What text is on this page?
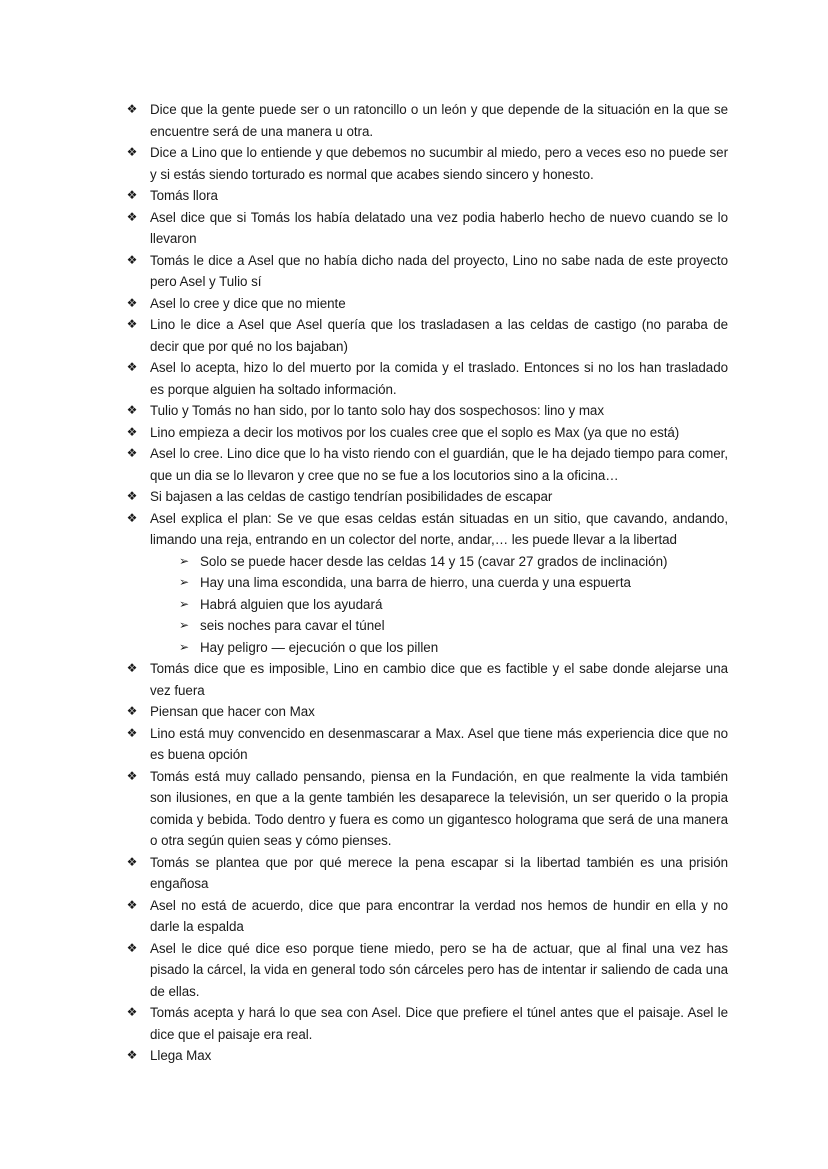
❖ Dice que la gente puede ser o un ratoncillo o un león y que depende de la situación en la que se encuentre será de una manera u otra.
❖ Dice a Lino que lo entiende y que debemos no sucumbir al miedo, pero a veces eso no puede ser y si estás siendo torturado es normal que acabes siendo sincero y honesto.
❖ Tomás llora
❖ Asel dice que si Tomás los había delatado una vez podia haberlo hecho de nuevo cuando se lo llevaron
❖ Tomás le dice a Asel que no había dicho nada del proyecto, Lino no sabe nada de este proyecto pero Asel y Tulio sí
❖ Asel lo cree y dice que no miente
❖ Lino le dice a Asel que Asel quería que los trasladasen a las celdas de castigo (no paraba de decir que por qué no los bajaban)
❖ Asel lo acepta, hizo lo del muerto por la comida y el traslado. Entonces si no los han trasladado es porque alguien ha soltado información.
❖ Tulio y Tomás no han sido, por lo tanto solo hay dos sospechosos: lino y max
❖ Lino empieza a decir los motivos por los cuales cree que el soplo es Max (ya que no está)
❖ Asel lo cree. Lino dice que lo ha visto riendo con el guardián, que le ha dejado tiempo para comer, que un dia se lo llevaron y cree que no se fue a los locutorios sino a la oficina…
❖ Si bajasen a las celdas de castigo tendrían posibilidades de escapar
❖ Asel explica el plan: Se ve que esas celdas están situadas en un sitio, que cavando, andando, limando una reja, entrando en un colector del norte, andar,… les puede llevar a la libertad
➢ Solo se puede hacer desde las celdas 14 y 15 (cavar 27 grados de inclinación)
➢ Hay una lima escondida, una barra de hierro, una cuerda y una espuerta
➢ Habrá alguien que los ayudará
➢ seis noches para cavar el túnel
➢ Hay peligro — ejecución o que los pillen
❖ Tomás dice que es imposible, Lino en cambio dice que es factible y el sabe donde alejarse una vez fuera
❖ Piensan que hacer con Max
❖ Lino está muy convencido en desenmascarar a Max. Asel que tiene más experiencia dice que no es buena opción
❖ Tomás está muy callado pensando, piensa en la Fundación, en que realmente la vida también son ilusiones, en que a la gente también les desaparece la televisión, un ser querido o la propia comida y bebida. Todo dentro y fuera es como un gigantesco holograma que será de una manera o otra según quien seas y cómo pienses.
❖ Tomás se plantea que por qué merece la pena escapar si la libertad también es una prisión engañosa
❖ Asel no está de acuerdo, dice que para encontrar la verdad nos hemos de hundir en ella y no darle la espalda
❖ Asel le dice qué dice eso porque tiene miedo, pero se ha de actuar, que al final una vez has pisado la cárcel, la vida en general todo són cárceles pero has de intentar ir saliendo de cada una de ellas.
❖ Tomás acepta y hará lo que sea con Asel. Dice que prefiere el túnel antes que el paisaje. Asel le dice que el paisaje era real.
❖ Llega Max
